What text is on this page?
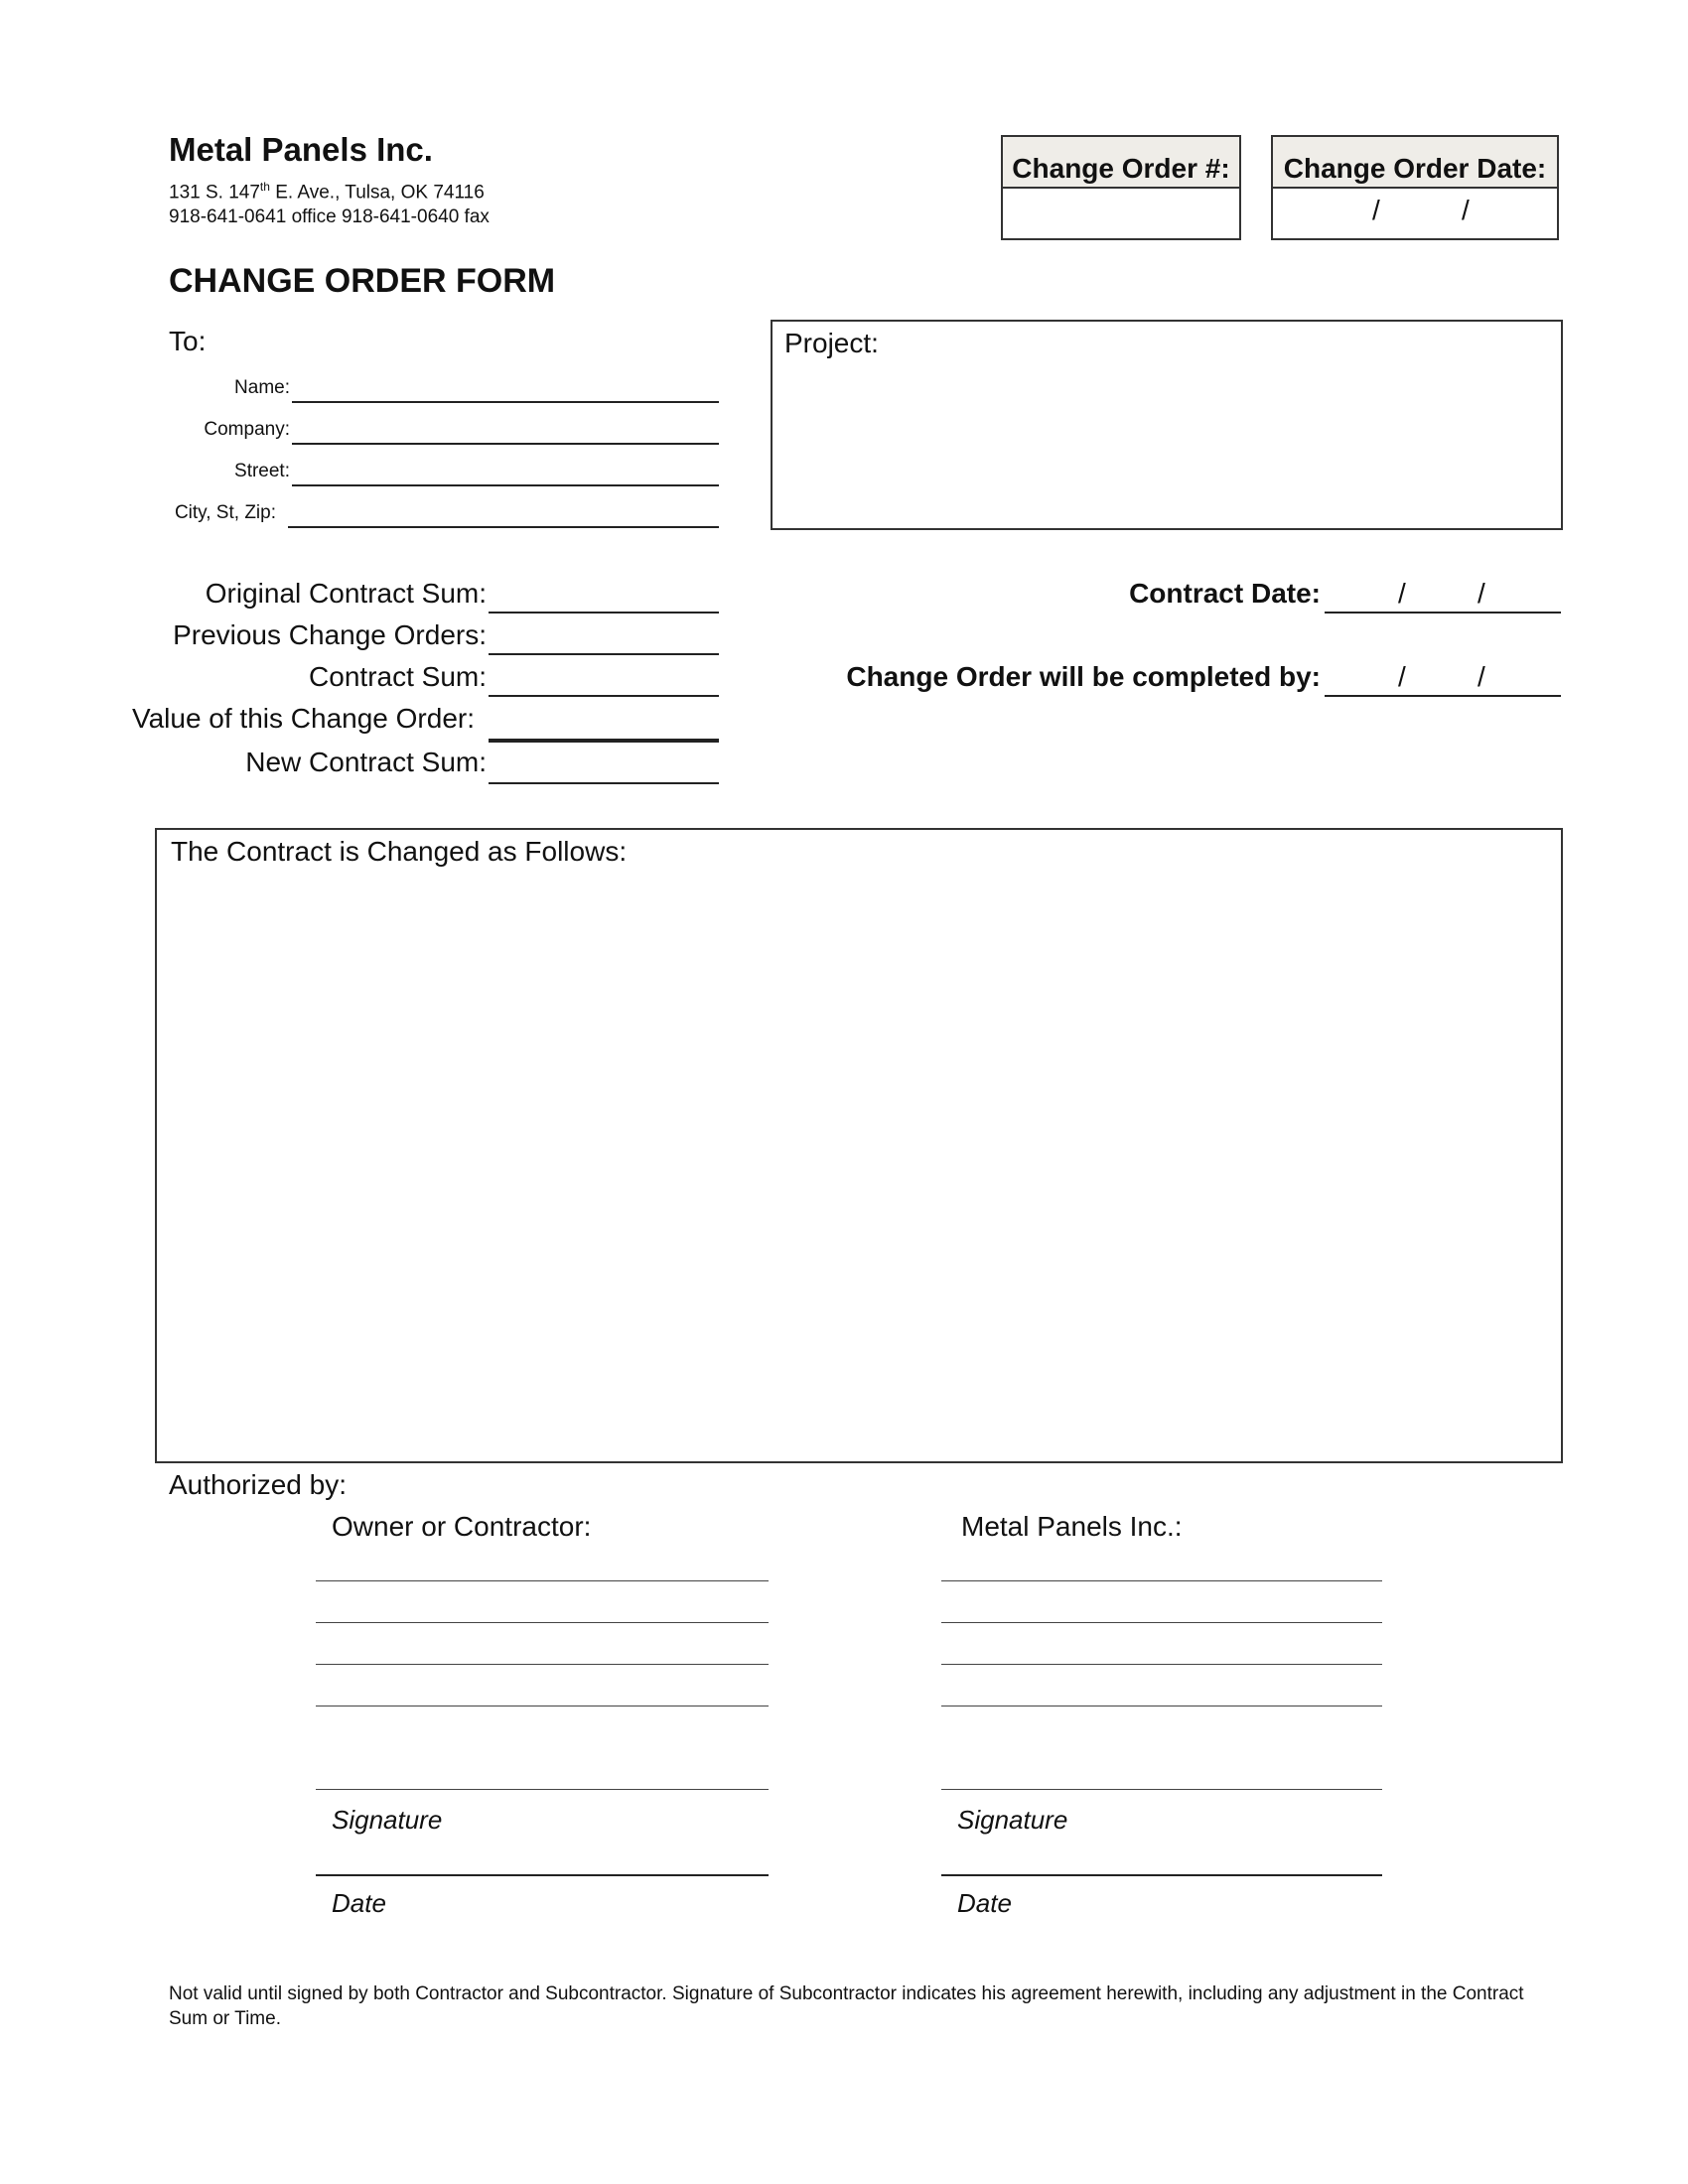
Metal Panels Inc.
131 S. 147th E. Ave., Tulsa, OK 74116
918-641-0641 office 918-641-0640 fax
Change Order #:	Change Order Date:
/	/
CHANGE ORDER FORM
To:
Name:
Company:
Street:
City, St, Zip:
Project:
Original Contract Sum:
Previous Change Orders:
Contract Sum:
Value of this Change Order:
New Contract Sum:
Contract Date:	/	/
Change Order will be completed by:	/	/
The Contract is Changed as Follows:
Authorized by:
Owner or Contractor:	Metal Panels Inc.:
Signature
Date
Signature
Date
Not valid until signed by both Contractor and Subcontractor. Signature of Subcontractor indicates his agreement herewith, including any adjustment in the Contract Sum or Time.
